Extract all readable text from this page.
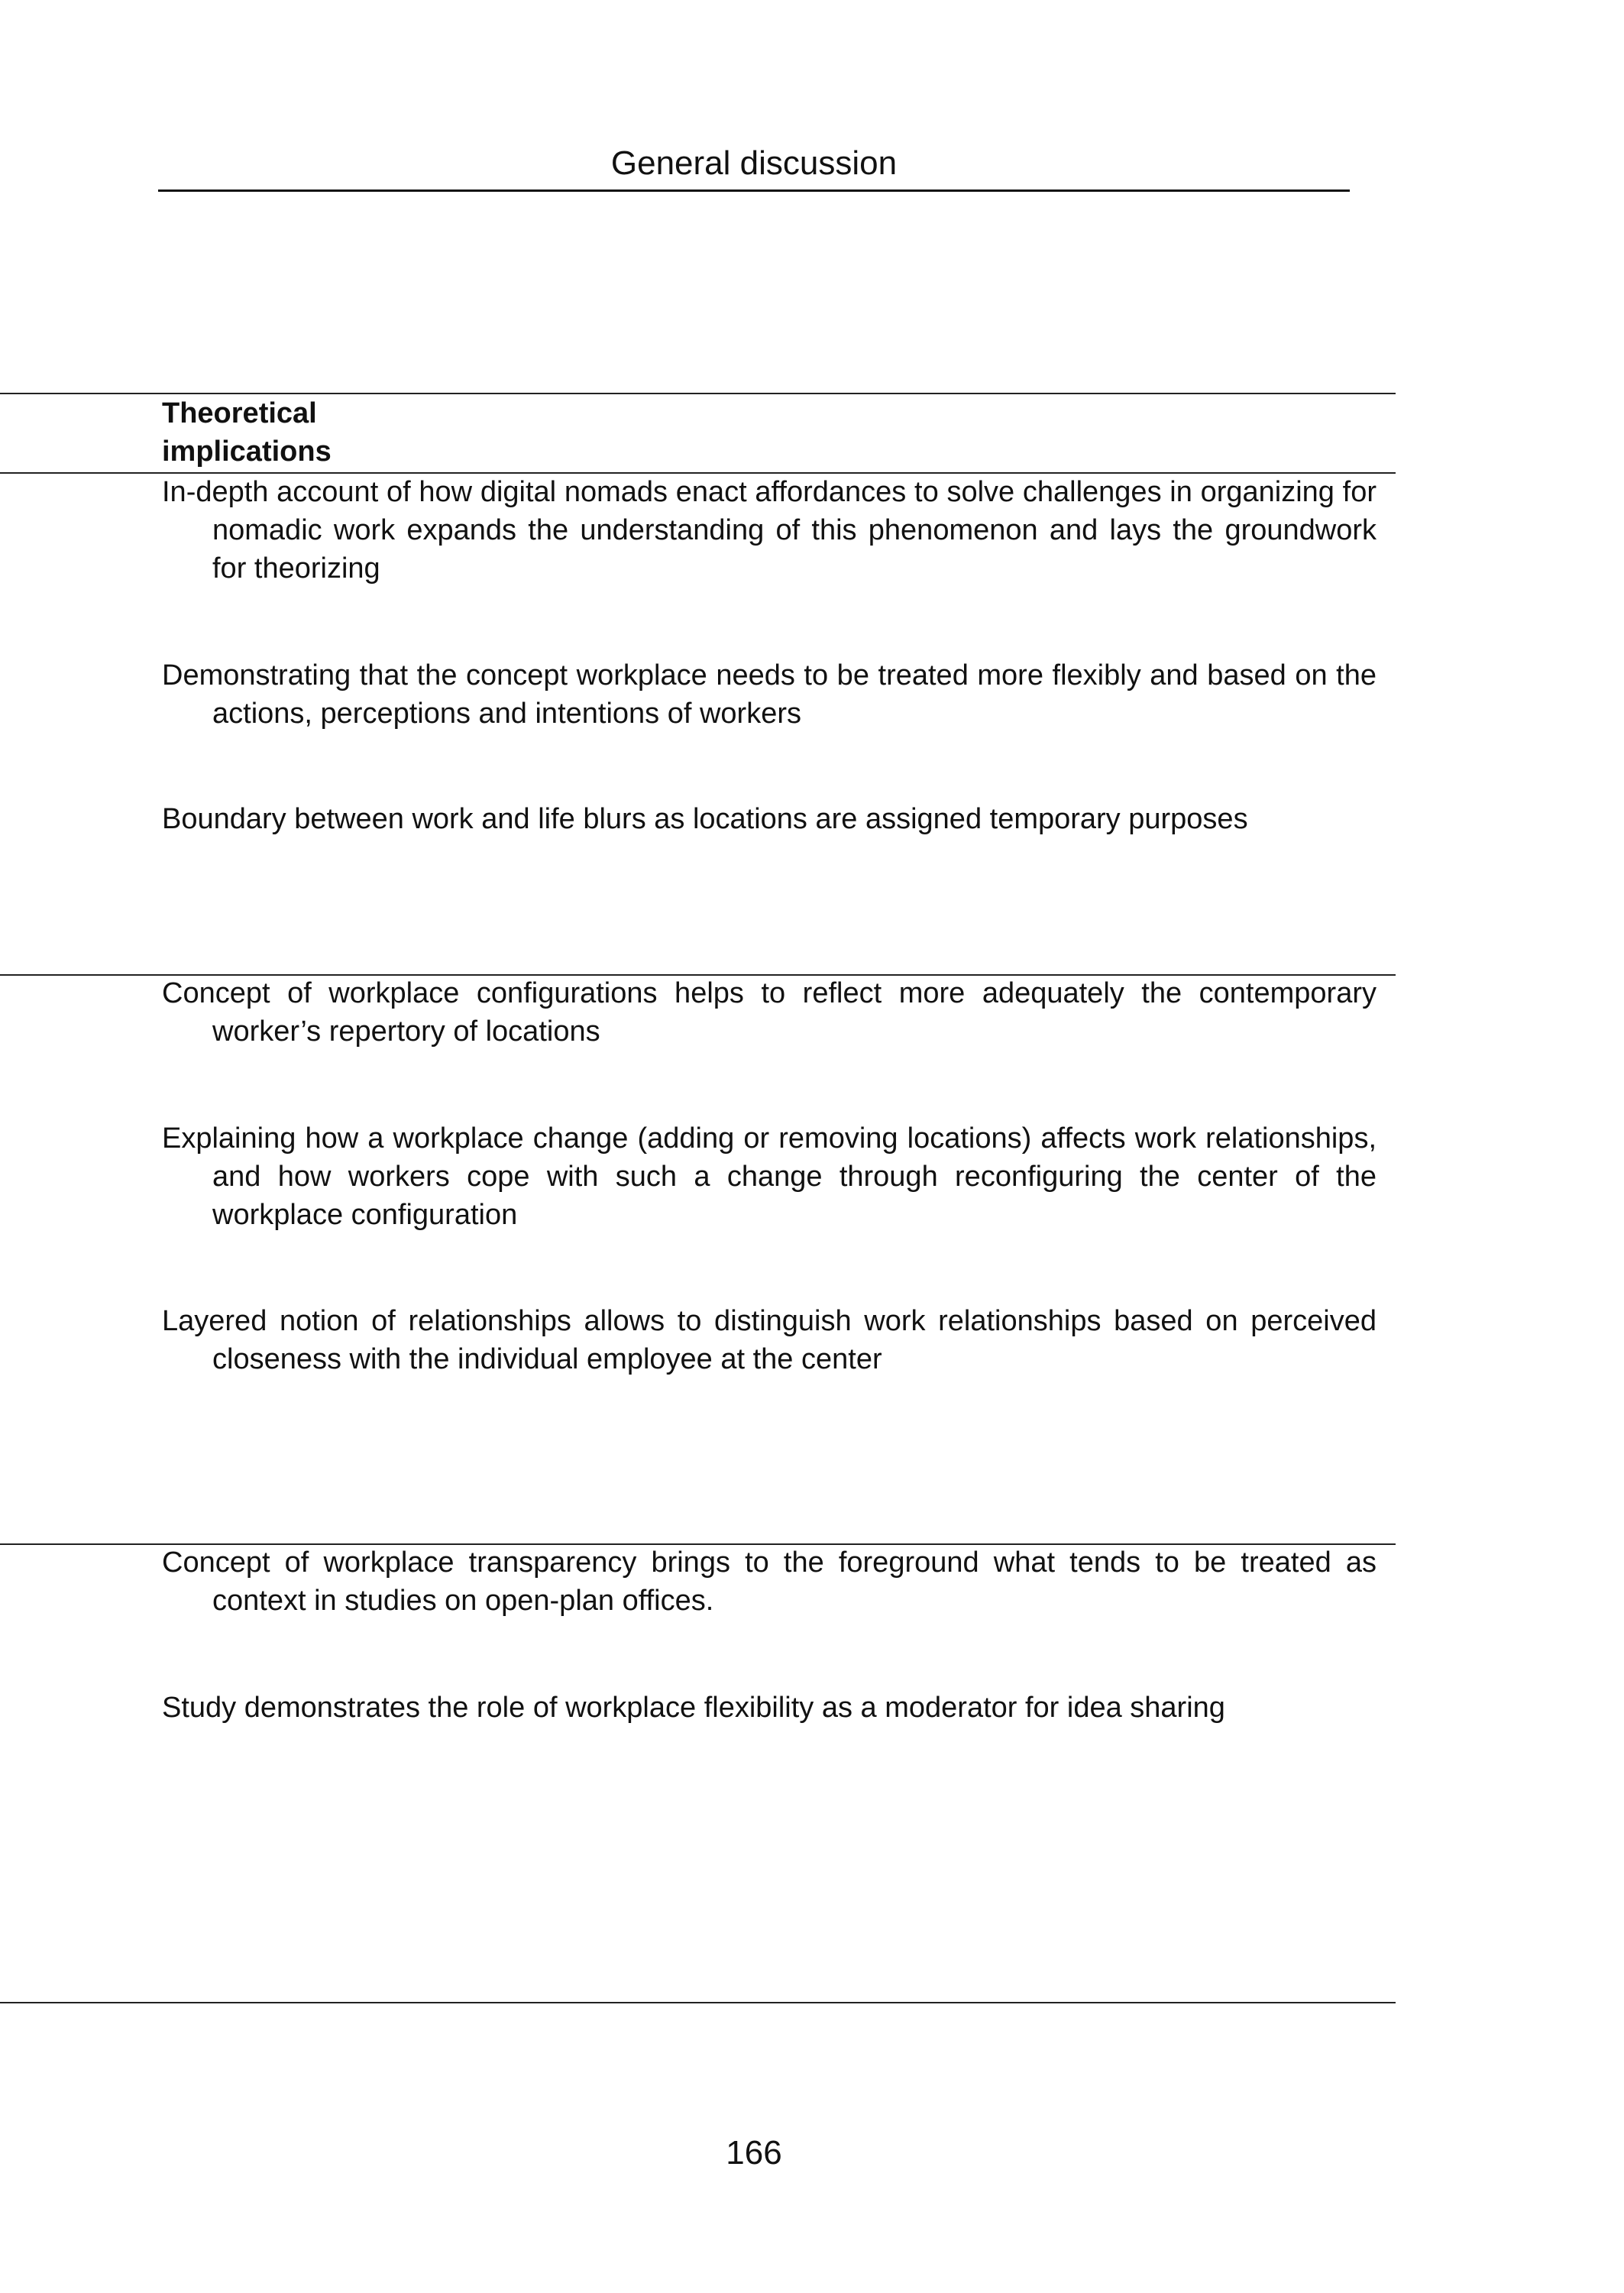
General discussion
Theoretical implications
In-depth account of how digital nomads enact affordances to solve challenges in organizing for nomadic work expands the understanding of this phenomenon and lays the groundwork for theorizing
Demonstrating that the concept workplace needs to be treated more flexibly and based on the actions, perceptions and intentions of workers
Boundary between work and life blurs as locations are assigned temporary purposes
Concept of workplace configurations helps to reflect more adequately the contemporary worker’s repertory of locations
Explaining how a workplace change (adding or removing locations) affects work relationships, and how workers cope with such a change through reconfiguring the center of the workplace configuration
Layered notion of relationships allows to distinguish work relationships based on perceived closeness with the individual employee at the center
Concept of workplace transparency brings to the foreground what tends to be treated as context in studies on open-plan offices.
Study demonstrates the role of workplace flexibility as a moderator for idea sharing
166
